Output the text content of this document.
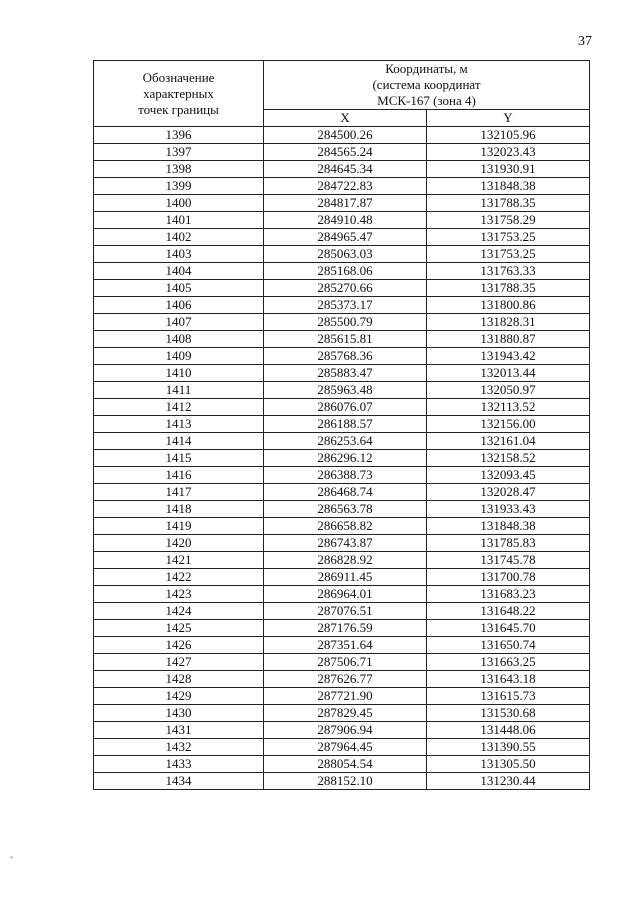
37
Обозначение
характерных
точек границы	Координаты, м
(система координат
МСК-167 (зона 4)	

	X	Y
1396	284500.26	132105.96
1397	284565.24	132023.43
1398	284645.34	131930.91
1399	284722.83	131848.38
1400	284817.87	131788.35
1401	284910.48	131758.29
1402	284965.47	131753.25
1403	285063.03	131753.25
1404	285168.06	131763.33
1405	285270.66	131788.35
1406	285373.17	131800.86
1407	285500.79	131828.31
1408	285615.81	131880.87
1409	285768.36	131943.42
1410	285883.47	132013.44
1411	285963.48	132050.97
1412	286076.07	132113.52
1413	286188.57	132156.00
1414	286253.64	132161.04
1415	286296.12	132158.52
1416	286388.73	132093.45
1417	286468.74	132028.47
1418	286563.78	131933.43
1419	286658.82	131848.38
1420	286743.87	131785.83
1421	286828.92	131745.78
1422	286911.45	131700.78
1423	286964.01	131683.23
1424	287076.51	131648.22
1425	287176.59	131645.70
1426	287351.64	131650.74
1427	287506.71	131663.25
1428	287626.77	131643.18
1429	287721.90	131615.73
1430	287829.45	131530.68
1431	287906.94	131448.06
1432	287964.45	131390.55
1433	288054.54	131305.50
1434	288152.10	131230.44
